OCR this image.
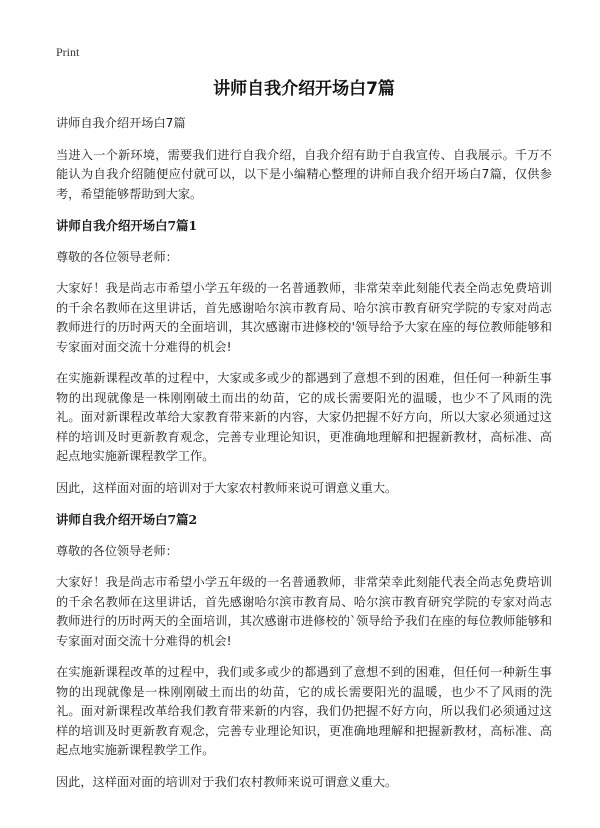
Print
讲师自我介绍开场白7篇

讲师自我介绍开场白7篇

当进入一个新环境，需要我们进行自我介绍，自我介绍有助于自我宣传、自我展示。千万不能认为自我介绍随便应付就可以，以下是小编精心整理的讲师自我介绍开场白7篇，仅供参考，希望能够帮助到大家。

讲师自我介绍开场白7篇1

尊敬的各位领导老师：

大家好！我是尚志市希望小学五年级的一名普通教师，非常荣幸此刻能代表全尚志免费培训的千余名教师在这里讲话，首先感谢哈尔滨市教育局、哈尔滨市教育研究学院的专家对尚志教师进行的历时两天的全面培训，其次感谢市进修校的'领导给予大家在座的每位教师能够和专家面对面交流十分难得的机会!

在实施新课程改革的过程中，大家或多或少的都遇到了意想不到的困难，但任何一种新生事物的出现就像是一株刚刚破土而出的幼苗，它的成长需要阳光的温暖，也少不了风雨的洗礼。面对新课程改革给大家教育带来新的内容，大家仍把握不好方向，所以大家必须通过这样的培训及时更新教育观念，完善专业理论知识，更准确地理解和把握新教材，高标准、高起点地实施新课程教学工作。

因此，这样面对面的培训对于大家农村教师来说可谓意义重大。

讲师自我介绍开场白7篇2

尊敬的各位领导老师：

大家好！我是尚志市希望小学五年级的一名普通教师，非常荣幸此刻能代表全尚志免费培训的千余名教师在这里讲话，首先感谢哈尔滨市教育局、哈尔滨市教育研究学院的专家对尚志教师进行的历时两天的全面培训，其次感谢市进修校的`领导给予我们在座的每位教师能够和专家面对面交流十分难得的机会!

在实施新课程改革的过程中，我们或多或少的都遇到了意想不到的困难，但任何一种新生事物的出现就像是一株刚刚破土而出的幼苗，它的成长需要阳光的温暖，也少不了风雨的洗礼。面对新课程改革给我们教育带来新的内容，我们仍把握不好方向，所以我们必须通过这样的培训及时更新教育观念，完善专业理论知识，更准确地理解和把握新教材，高标准、高起点地实施新课程教学工作。

因此，这样面对面的培训对于我们农村教师来说可谓意义重大。
